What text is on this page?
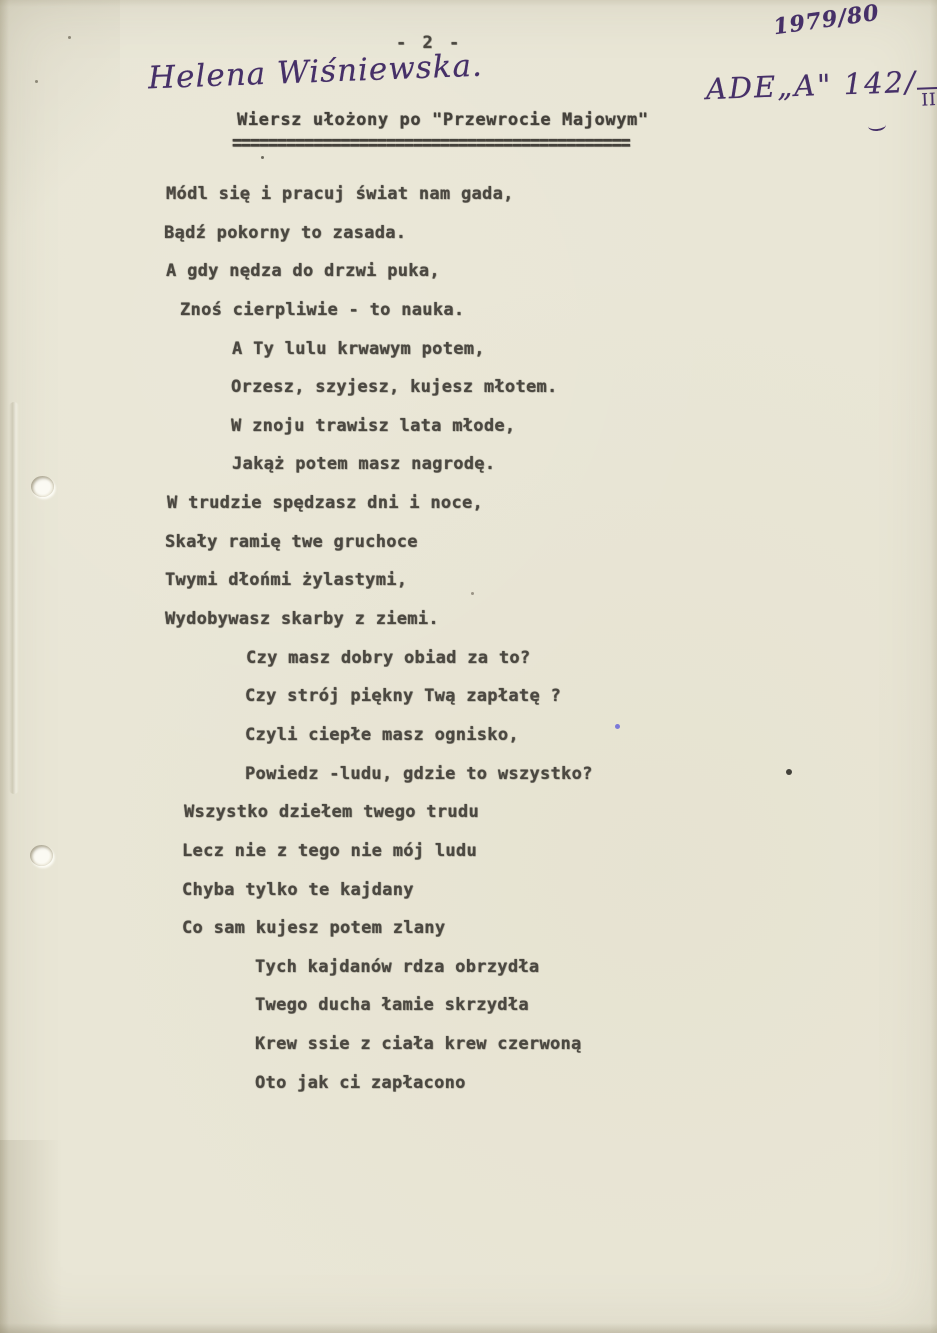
- 2 -
1979/80
Helena Wiśniewska.	ADE„A" 142/ II
Wiersz ułożony po "Przewrocie Majowym"
============================================
Módl się i pracuj świat nam gada,
Bądź pokorny to zasada.
A gdy nędza do drzwi puka,
Znoś cierpliwie - to nauka.
A Ty lulu krwawym potem,
Orzesz, szyjesz, kujesz młotem.
W znoju trawisz lata młode,
Jakąż potem masz nagrodę.
W trudzie spędzasz dni i noce,
Skały ramię twe gruchoce
Twymi dłońmi żylastymi,
Wydobywasz skarby z ziemi.
Czy masz dobry obiad za to?
Czy strój piękny Twą zapłatę ?
Czyli ciepłe masz ognisko,
Powiedz -ludu, gdzie to wszystko?
Wszystko dziełem twego trudu
Lecz nie z tego nie mój ludu
Chyba tylko te kajdany
Co sam kujesz potem zlany
Tych kajdanów rdza obrzydła
Twego ducha łamie skrzydła
Krew ssie z ciała krew czerwoną
Oto jak ci zapłacono
